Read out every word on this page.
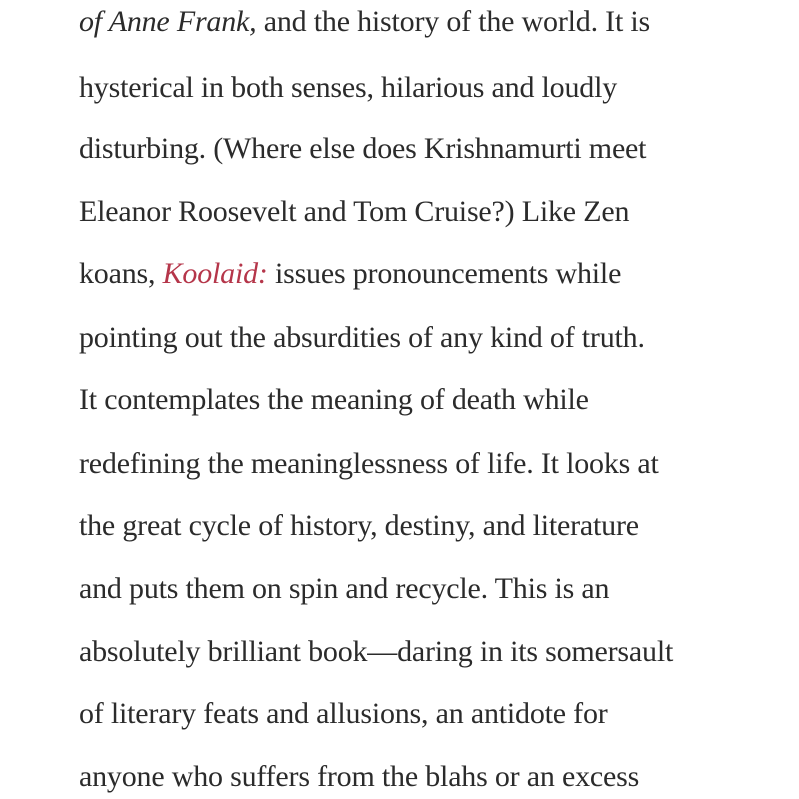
of Anne Frank, and the history of the world. It is
hysterical in both senses, hilarious and loudly
disturbing. (Where else does Krishnamurti meet
Eleanor Roosevelt and Tom Cruise?) Like Zen
koans, Koolaid: issues pronouncements while
pointing out the absurdities of any kind of truth.
It contemplates the meaning of death while
redefining the meaninglessness of life. It looks at
the great cycle of history, destiny, and literature
and puts them on spin and recycle. This is an
absolutely brilliant book—daring in its somersault
of literary feats and allusions, an antidote for
anyone who suffers from the blahs or an excess
